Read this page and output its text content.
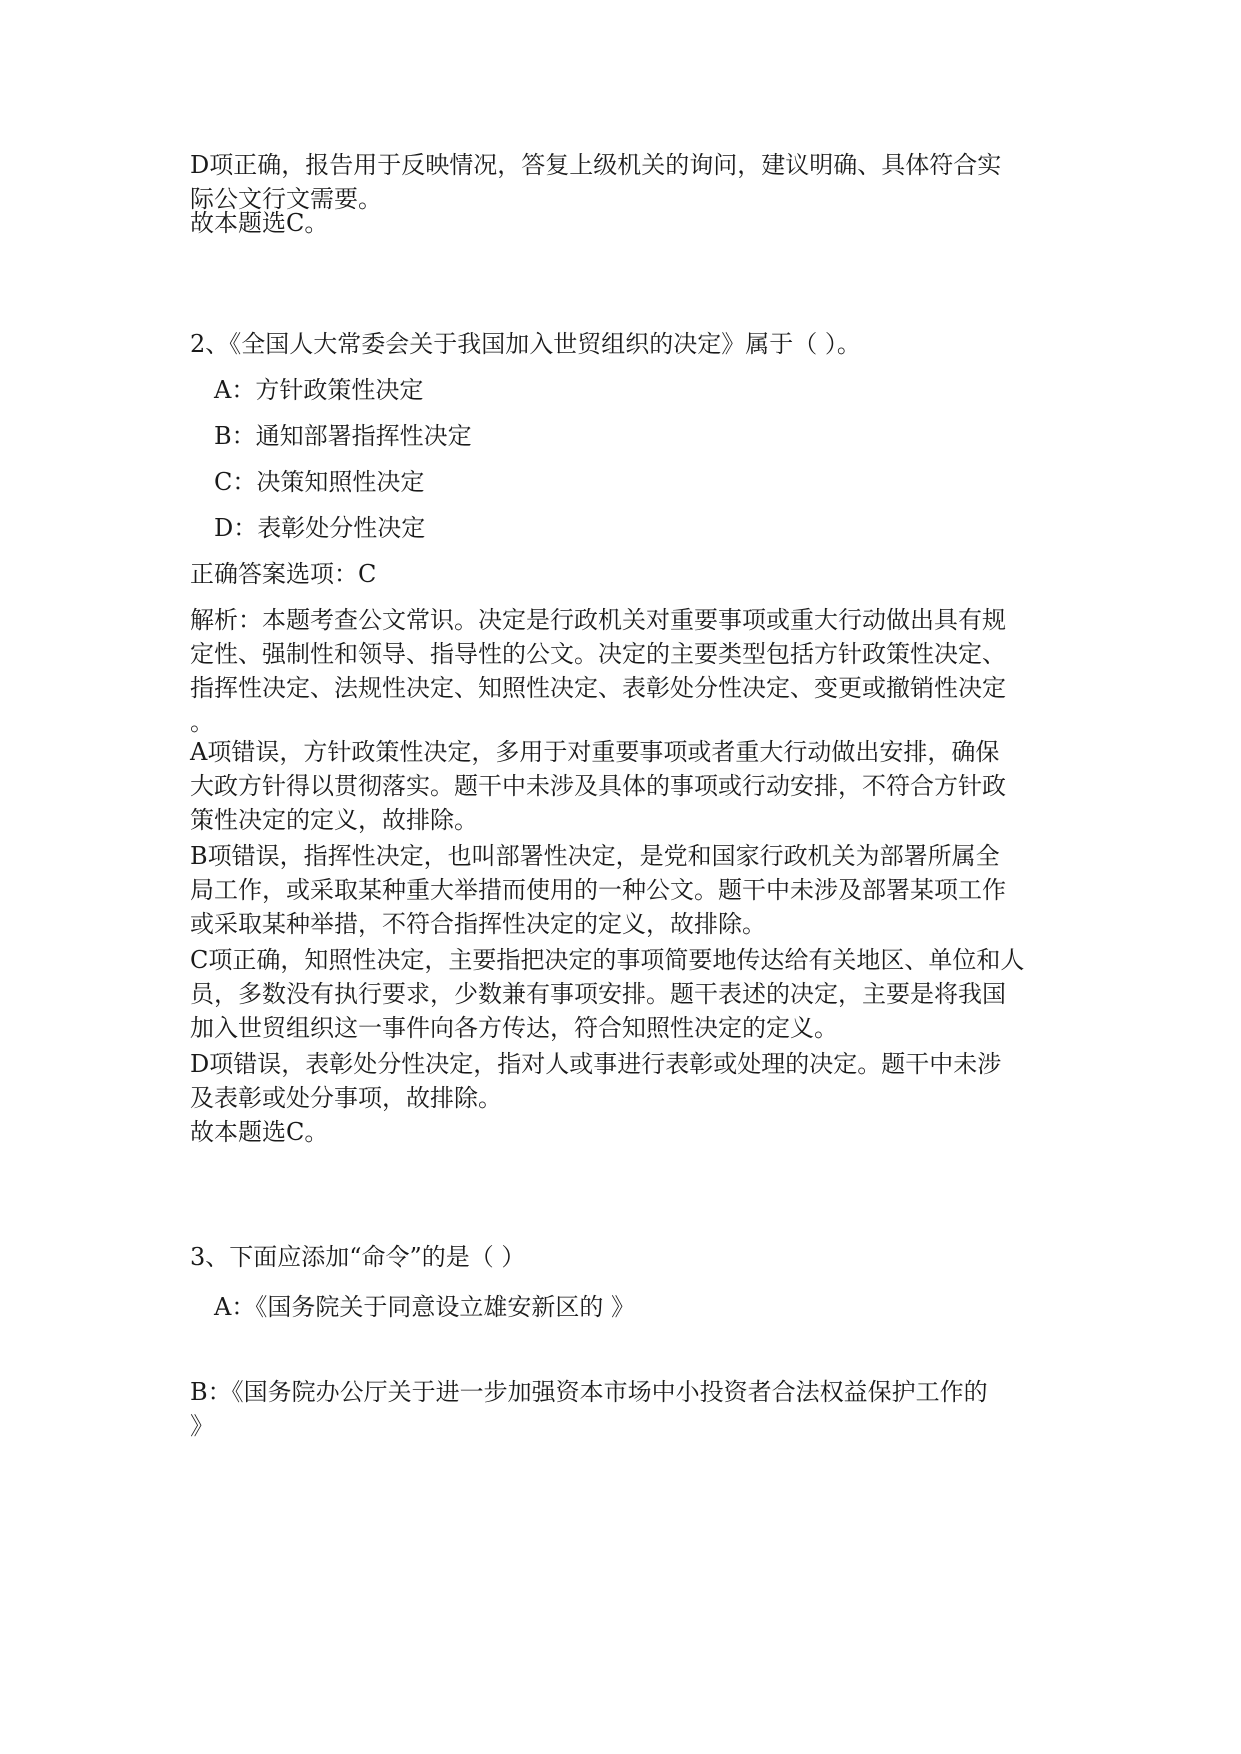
D项正确，报告用于反映情况，答复上级机关的询问，建议明确、具体符合实
际公文行文需要。

故本题选C。

2、《全国人大常委会关于我国加入世贸组织的决定》属于（ ）。

A：方针政策性决定

B：通知部署指挥性决定

C：决策知照性决定

D：表彰处分性决定

正确答案选项：C

解析：本题考查公文常识。决定是行政机关对重要事项或重大行动做出具有规
定性、强制性和领导、指导性的公文。决定的主要类型包括方针政策性决定、
指挥性决定、法规性决定、知照性决定、表彰处分性决定、变更或撤销性决定
。
A项错误，方针政策性决定，多用于对重要事项或者重大行动做出安排，确保
大政方针得以贯彻落实。题干中未涉及具体的事项或行动安排，不符合方针政
策性决定的定义，故排除。
B项错误，指挥性决定，也叫部署性决定，是党和国家行政机关为部署所属全
局工作，或采取某种重大举措而使用的一种公文。题干中未涉及部署某项工作
或采取某种举措，不符合指挥性决定的定义，故排除。
C项正确，知照性决定，主要指把决定的事项简要地传达给有关地区、单位和人
员，多数没有执行要求，少数兼有事项安排。题干表述的决定，主要是将我国
加入世贸组织这一事件向各方传达，符合知照性决定的定义。
D项错误，表彰处分性决定，指对人或事进行表彰或处理的决定。题干中未涉
及表彰或处分事项，故排除。

故本题选C。

3、下面应添加“命令”的是（ ）

A：《国务院关于同意设立雄安新区的 》

B：《国务院办公厅关于进一步加强资本市场中小投资者合法权益保护工作的
》
